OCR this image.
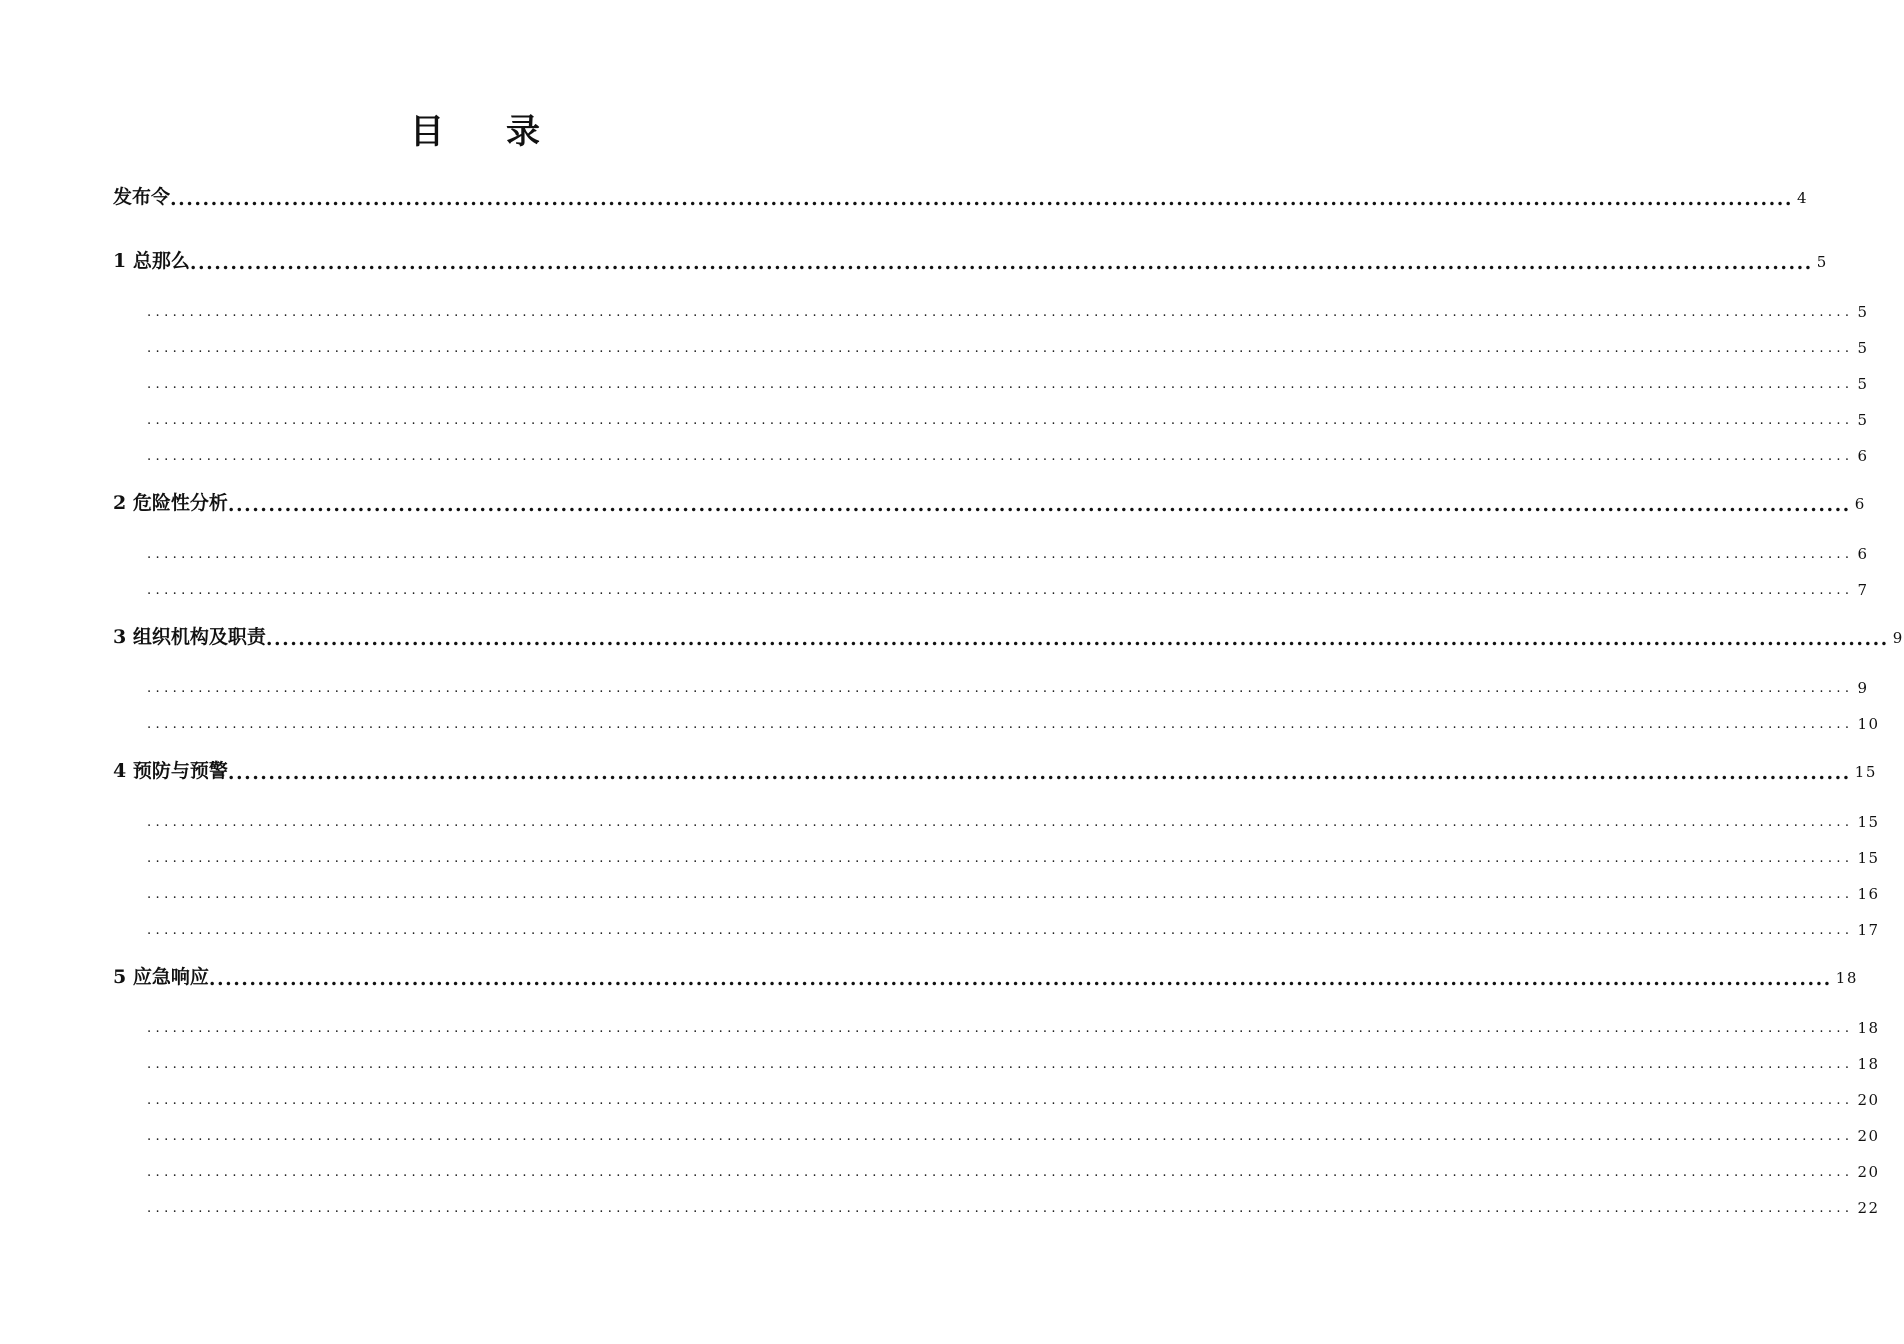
目 录
发布令 ........................................................................................................................................................................................................ 4
1 总那么 ........................................................................................................................................................................................................ 5
........................................................................................................................................................................................................ 5
........................................................................................................................................................................................................ 5
........................................................................................................................................................................................................ 5
........................................................................................................................................................................................................ 5
........................................................................................................................................................................................................ 6
2 危险性分析 ........................................................................................................................................................................................................ 6
........................................................................................................................................................................................................ 6
........................................................................................................................................................................................................ 7
3 组织机构及职责 ........................................................................................................................................................................................................ 9
........................................................................................................................................................................................................ 9
........................................................................................................................................................................................................ 10
4 预防与预警 ........................................................................................................................................................................................................ 15
........................................................................................................................................................................................................ 15
........................................................................................................................................................................................................ 15
........................................................................................................................................................................................................ 16
........................................................................................................................................................................................................ 17
5 应急响应 ........................................................................................................................................................................................................ 18
........................................................................................................................................................................................................ 18
........................................................................................................................................................................................................ 18
........................................................................................................................................................................................................ 20
........................................................................................................................................................................................................ 20
........................................................................................................................................................................................................ 20
........................................................................................................................................................................................................ 22
